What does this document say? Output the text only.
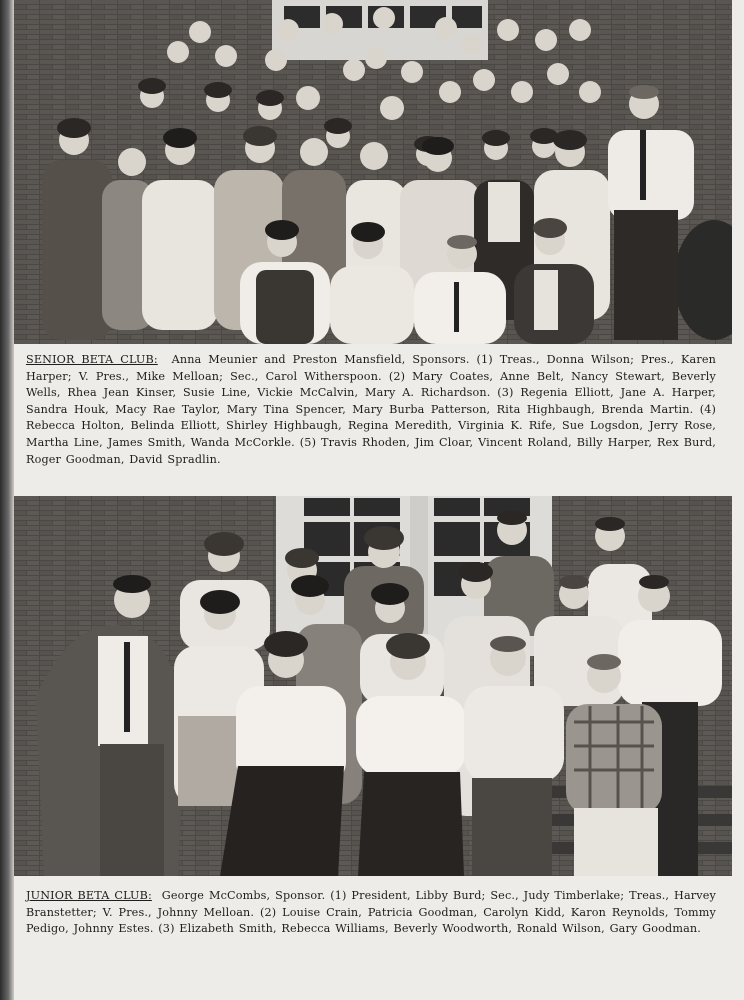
SENIOR BETA CLUB: Anna Meunier and Preston Mansfield, Sponsors. (1) Treas., Donna Wilson; Pres., Karen Harper; V. Pres., Mike Melloan; Sec., Carol Witherspoon. (2) Mary Coates, Anne Belt, Nancy Stewart, Beverly Wells, Rhea Jean Kinser, Susie Line, Vickie McCalvin, Mary A. Richardson. (3) Regenia Elliott, Jane A. Harper, Sandra Houk, Macy Rae Taylor, Mary Tina Spencer, Mary Burba Patterson, Rita Highbaugh, Brenda Martin. (4) Rebecca Holton, Belinda Elliott, Shirley Highbaugh, Regina Meredith, Virginia K. Rife, Sue Logsdon, Jerry Rose, Martha Line, James Smith, Wanda McCorkle. (5) Travis Rhoden, Jim Cloar, Vincent Roland, Billy Harper, Rex Burd, Roger Goodman, David Spradlin.
JUNIOR BETA CLUB: George McCombs, Sponsor. (1) President, Libby Burd; Sec., Judy Timberlake; Treas., Harvey Branstetter; V. Pres., Johnny Melloan. (2) Louise Crain, Patricia Goodman, Carolyn Kidd, Karon Reynolds, Tommy Pedigo, Johnny Estes. (3) Elizabeth Smith, Rebecca Williams, Beverly Woodworth, Ronald Wilson, Gary Goodman.
